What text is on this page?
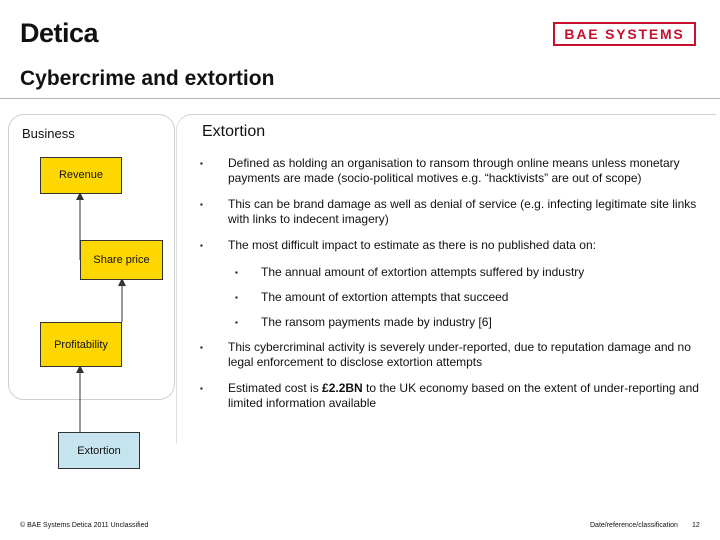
Detica	BAE SYSTEMS
Cybercrime and extortion
Business	Extortion
Revenue
Share price
Profitability
Extortion
▪ Defined as holding an organisation to ransom through online means unless monetary payments are made (socio-political motives e.g. “hacktivists” are out of scope)
▪ This can be brand damage as well as denial of service (e.g. infecting legitimate site links with links to indecent imagery)
▪ The most difficult impact to estimate as there is no published data on:
▪ The annual amount of extortion attempts suffered by industry
▪ The amount of extortion attempts that succeed
▪ The ransom payments made by industry [6]
▪ This cybercriminal activity is severely under-reported, due to reputation damage and no legal enforcement to disclose extortion attempts
▪ Estimated cost is £2.2BN to the UK economy based on the extent of under-reporting and limited information available
© BAE Systems Detica 2011 Unclassified	Date/reference/classification 12
